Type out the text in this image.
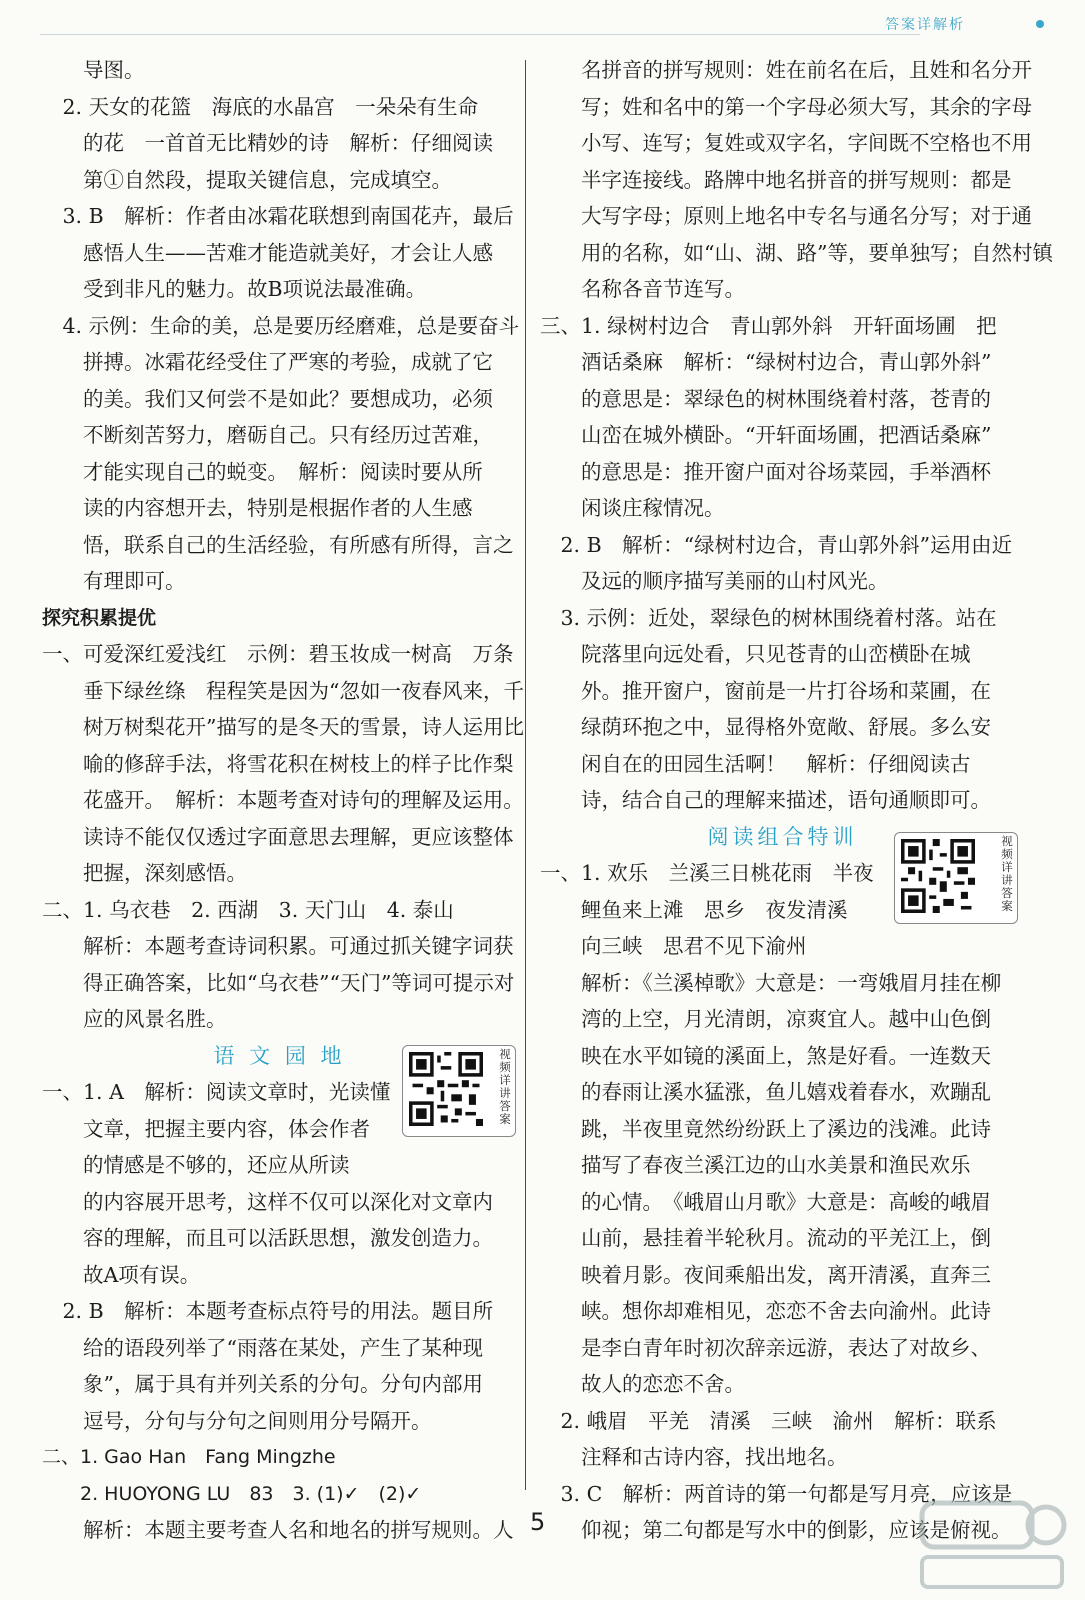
答案详解析
　　导图。
　2. 天女的花篮　海底的水晶宫　一朵朵有生命
　　的花　一首首无比精妙的诗　解析：仔细阅读
　　第①自然段，提取关键信息，完成填空。
　3. B　解析：作者由冰霜花联想到南国花卉，最后
　　感悟人生——苦难才能造就美好，才会让人感
　　受到非凡的魅力。故B项说法最准确。
　4. 示例：生命的美，总是要历经磨难，总是要奋斗
　　拼搏。冰霜花经受住了严寒的考验，成就了它
　　的美。我们又何尝不是如此？要想成功，必须
　　不断刻苦努力，磨砺自己。只有经历过苦难，
　　才能实现自己的蜕变。　解析：阅读时要从所
　　读的内容想开去，特别是根据作者的人生感
　　悟，联系自己的生活经验，有所感有所得，言之
　　有理即可。
探究积累提优
一、可爱深红爱浅红　示例：碧玉妆成一树高　万条
　　垂下绿丝绦　程程笑是因为“忽如一夜春风来，千
　　树万树梨花开”描写的是冬天的雪景，诗人运用比
　　喻的修辞手法，将雪花积在树枝上的样子比作梨
　　花盛开。　解析：本题考查对诗句的理解及运用。
　　读诗不能仅仅透过字面意思去理解，更应该整体
　　把握，深刻感悟。
二、1. 乌衣巷　2. 西湖　3. 天门山　4. 泰山
　　解析：本题考查诗词积累。可通过抓关键字词获
　　得正确答案，比如“乌衣巷”“天门”等词可提示对
　　应的风景名胜。
语 文 园 地
一、1. A　解析：阅读文章时，光读懂
　　文章，把握主要内容，体会作者
　　的情感是不够的，还应从所读
　　的内容展开思考，这样不仅可以深化对文章内
　　容的理解，而且可以活跃思想，激发创造力。
　　故A项有误。
　2. B　解析：本题考查标点符号的用法。题目所
　　给的语段列举了“雨落在某处，产生了某种现
　　象”，属于具有并列关系的分句。分句内部用
　　逗号，分句与分句之间则用分号隔开。
二、1. Gao Han　Fang Mingzhe
　　2. HUOYONG LU　83　3. (1)✓　(2)✓
　　解析：本题主要考查人名和地名的拼写规则。人
　　名拼音的拼写规则：姓在前名在后，且姓和名分开
　　写；姓和名中的第一个字母必须大写，其余的字母
　　小写、连写；复姓或双字名，字间既不空格也不用
　　半字连接线。路牌中地名拼音的拼写规则：都是
　　大写字母；原则上地名中专名与通名分写；对于通
　　用的名称，如“山、湖、路”等，要单独写；自然村镇
　　名称各音节连写。
三、1. 绿树村边合　青山郭外斜　开轩面场圃　把
　　酒话桑麻　解析：“绿树村边合，青山郭外斜”
　　的意思是：翠绿色的树林围绕着村落，苍青的
　　山峦在城外横卧。“开轩面场圃，把酒话桑麻”
　　的意思是：推开窗户面对谷场菜园，手举酒杯
　　闲谈庄稼情况。
　2. B　解析：“绿树村边合，青山郭外斜”运用由近
　　及远的顺序描写美丽的山村风光。
　3. 示例：近处，翠绿色的树林围绕着村落。站在
　　院落里向远处看，只见苍青的山峦横卧在城
　　外。推开窗户，窗前是一片打谷场和菜圃，在
　　绿荫环抱之中，显得格外宽敞、舒展。多么安
　　闲自在的田园生活啊！　解析：仔细阅读古
　　诗，结合自己的理解来描述，语句通顺即可。
阅读组合特训
一、1. 欢乐　兰溪三日桃花雨　半夜
　　鲤鱼来上滩　思乡　夜发清溪
　　向三峡　思君不见下渝州
　　解析：《兰溪棹歌》大意是：一弯娥眉月挂在柳
　　湾的上空，月光清朗，凉爽宜人。越中山色倒
　　映在水平如镜的溪面上，煞是好看。一连数天
　　的春雨让溪水猛涨，鱼儿嬉戏着春水，欢蹦乱
　　跳，半夜里竟然纷纷跃上了溪边的浅滩。此诗
　　描写了春夜兰溪江边的山水美景和渔民欢乐
　　的心情。　《峨眉山月歌》大意是：高峻的峨眉
　　山前，悬挂着半轮秋月。流动的平羌江上，倒
　　映着月影。夜间乘船出发，离开清溪，直奔三
　　峡。想你却难相见，恋恋不舍去向渝州。此诗
　　是李白青年时初次辞亲远游，表达了对故乡、
　　故人的恋恋不舍。
　2. 峨眉　平羌　清溪　三峡　渝州　解析：联系
　　注释和古诗内容，找出地名。
　3. C　解析：两首诗的第一句都是写月亮，应该是
　　仰视；第二句都是写水中的倒影，应该是俯视。
视频详讲答案
视频详讲答案
5
